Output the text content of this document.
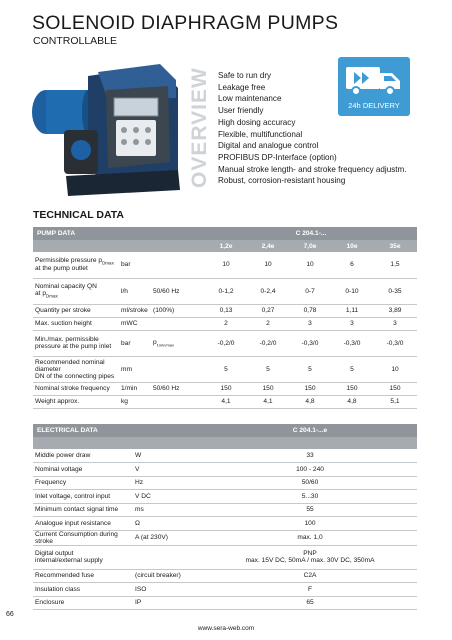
SOLENOID DIAPHRAGM PUMPS
CONTROLLABLE
OVERVIEW Safe to run dry
Leakage free
Low maintenance
User friendly
High dosing accuracy
Flexible, multifunctional
Digital and analogue control
PROFIBUS DP-Interface (option)
Manual stroke length- and stroke frequency adjustm.
Robust, corrosion-resistant housing
24h DELIVERY
TECHNICAL DATA
PUMP DATA			C 204.1-...				
			1,2e	2,4e	7,0e	10e	35e
Permissible pressure $p_{Dmax}$
at the pump outlet	bar		10	10	10	6	1,5
Nominal capacity QN
at $p_{Dmax}$	l/h	50/60 Hz	0-1,2	0-2,4	0-7	0-10	0-35
Quantity per stroke	ml/stroke	(100%)	0,13	0,27	0,78	1,11	3,89
Max. suction height	mWC		2	2	3	3	3
Min./max. permissible
pressure at the pump inlet	bar	$p_{1min/max}$	-0,2/0	-0,2/0	-0,3/0	-0,3/0	-0,3/0
Recommended nominal diameter
DN of the connecting pipes	mm		5	5	5	5	10
Nominal stroke frequency	1/min	50/60 Hz	150	150	150	150	150
Weight approx.	kg		4,1	4,1	4,8	4,8	5,1
ELECTRICAL DATA		C 204.1-...e

Middle power draw	W	33
Nominal voltage	V	100 - 240
Frequency	Hz	50/60
Inlet voltage, control input	V DC	5...30
Minimum contact signal time	ms	55
Analogue input resistance	Ω	100
Current Consumption during stroke	A (at 230V)	max. 1,0
Digital output
internal/external supply		PNP
max. 15V DC, 50mA / max. 30V DC, 350mA
Recommended fuse	(circuit breaker)	C2A
Insulation class	ISO	F
Enclosure	IP	65
66
www.sera-web.com
